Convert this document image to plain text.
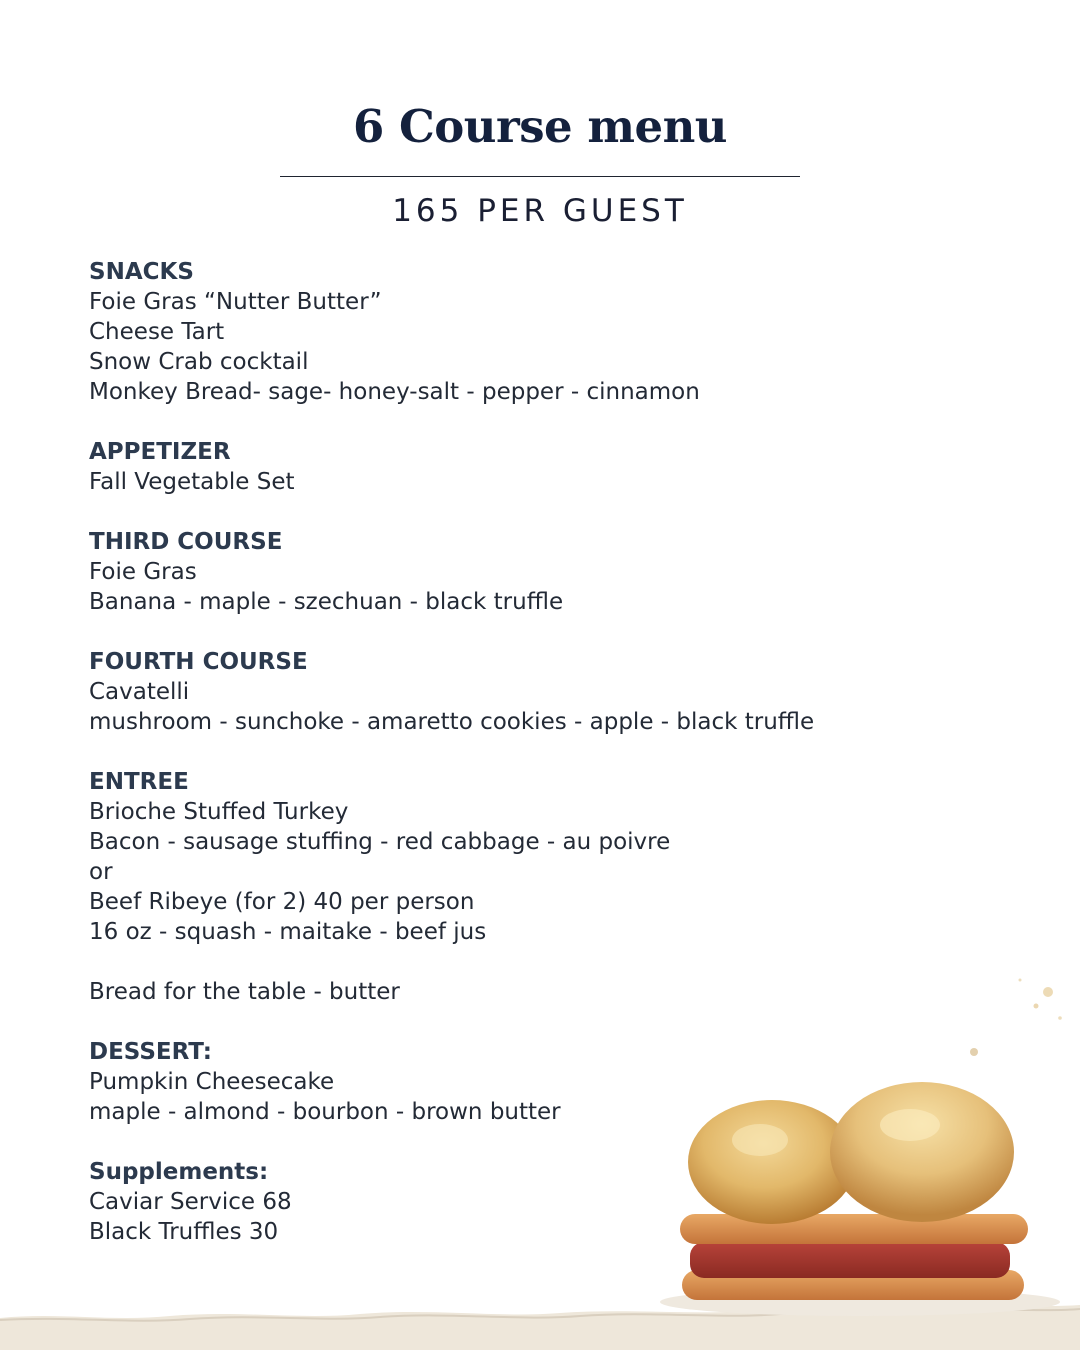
6 Course menu
165 PER GUEST
SNACKS
Foie Gras “Nutter Butter”
Cheese Tart
Snow Crab cocktail
Monkey Bread- sage- honey-salt - pepper - cinnamon
APPETIZER
Fall Vegetable Set
THIRD COURSE
Foie Gras
Banana - maple - szechuan - black truffle
FOURTH COURSE
Cavatelli
mushroom - sunchoke - amaretto cookies - apple - black truffle
ENTREE
Brioche Stuffed Turkey
Bacon - sausage stuffing - red cabbage - au poivre
or
Beef Ribeye (for 2) 40 per person
16 oz - squash - maitake - beef jus
Bread for the table - butter
DESSERT:
Pumpkin Cheesecake
maple - almond - bourbon - brown butter
Supplements:
Caviar Service 68
Black Truffles 30
